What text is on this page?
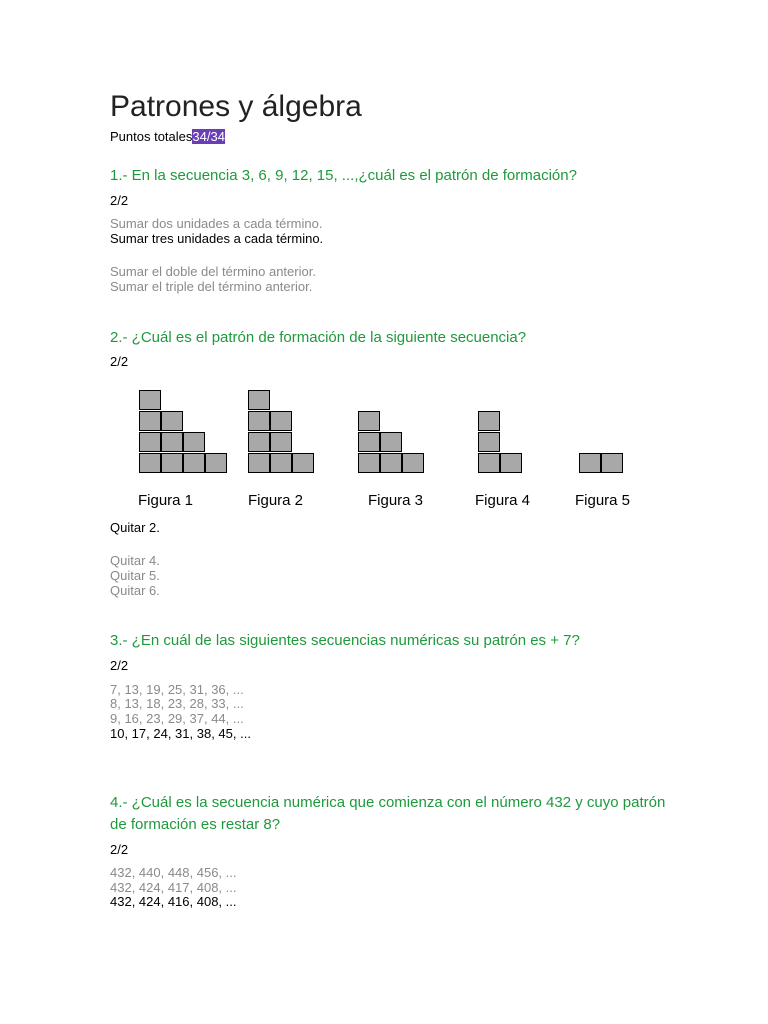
Patrones y álgebra
Puntos totales34/34
1.- En la secuencia 3, 6, 9, 12, 15, ...,¿cuál es el patrón de formación?
2/2
Sumar dos unidades a cada término.
Sumar tres unidades a cada término.
Sumar el doble del término anterior.
Sumar el triple del término anterior.
2.- ¿Cuál es el patrón de formación de la siguiente secuencia?
2/2
Quitar 2.
Quitar 4.
Quitar 5.
Quitar 6.
3.- ¿En cuál de las siguientes secuencias numéricas su patrón es + 7?
2/2
7, 13, 19, 25, 31, 36, ...
8, 13, 18, 23, 28, 33, ...
9, 16, 23, 29, 37, 44, ...
10, 17, 24, 31, 38, 45, ...
4.- ¿Cuál es la secuencia numérica que comienza con el número 432 y cuyo patrón de formación es restar 8?
2/2
432, 440, 448, 456, ...
432, 424, 417, 408, ...
432, 424, 416, 408, ...
Figura 1	Figura 2	Figura 3	Figura 4	Figura 5
